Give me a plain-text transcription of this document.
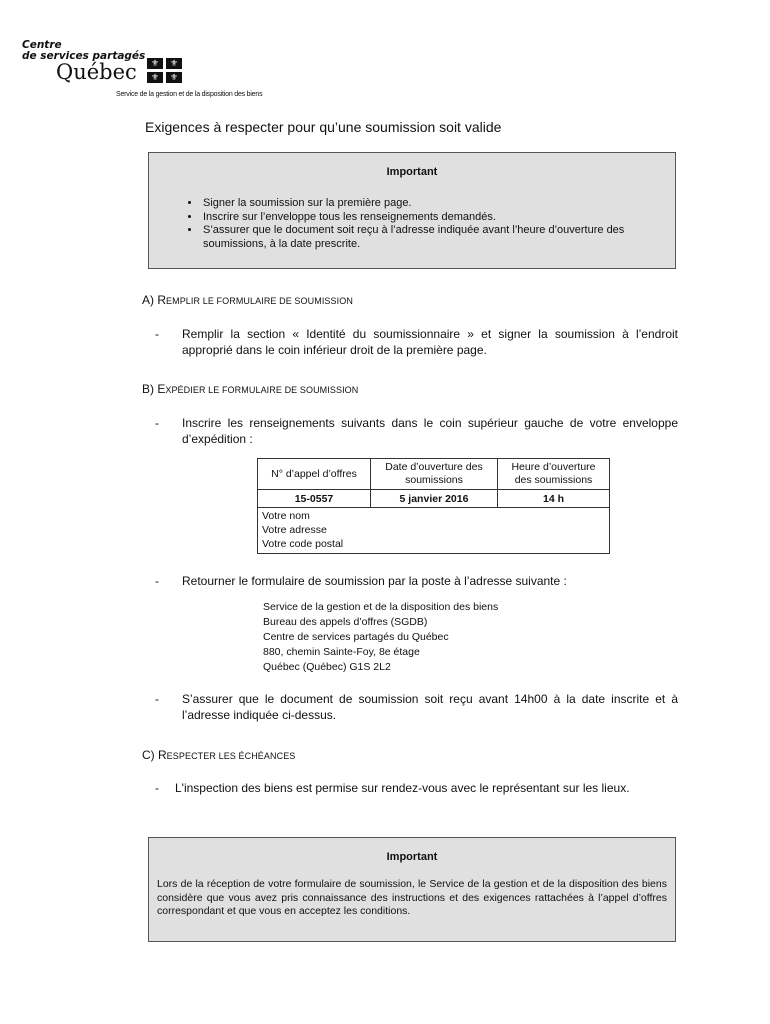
Centre
de services partagés
Québec	⚜	⚜
⚜	⚜
Service de la gestion et de la disposition des biens
Exigences à respecter pour qu’une soumission soit valide
Important
• Signer la soumission sur la première page.
• Inscrire sur l’enveloppe tous les renseignements demandés.
• S’assurer que le document soit reçu à l’adresse indiquée avant l’heure d’ouverture des soumissions, à la date prescrite.
A) REMPLIR LE FORMULAIRE DE SOUMISSION
- Remplir la section « Identité du soumissionnaire » et signer la soumission à l’endroit approprié dans le coin inférieur droit de la première page.
B) EXPÉDIER LE FORMULAIRE DE SOUMISSION
- Inscrire les renseignements suivants dans le coin supérieur gauche de votre enveloppe d’expédition :
N° d’appel d’offres	Date d’ouverture des soumissions	Heure d’ouverture des soumissions
15-0557	5 janvier 2016	14 h

Votre nom
Votre adresse
Votre code postal		
- Retourner le formulaire de soumission par la poste à l’adresse suivante :
Service de la gestion et de la disposition des biens
Bureau des appels d’offres (SGDB)
Centre de services partagés du Québec
880, chemin Sainte-Foy, 8e étage
Québec (Québec) G1S 2L2
- S’assurer que le document de soumission soit reçu avant 14h00 à la date inscrite et à l’adresse indiquée ci-dessus.
C) RESPECTER LES ÉCHÉANCES
- L'inspection des biens est permise sur rendez-vous avec le représentant sur les lieux.
Important

Lors de la réception de votre formulaire de soumission, le Service de la gestion et de la disposition des biens considère que vous avez pris connaissance des instructions et des exigences rattachées à l’appel d’offres correspondant et que vous en acceptez les conditions.
